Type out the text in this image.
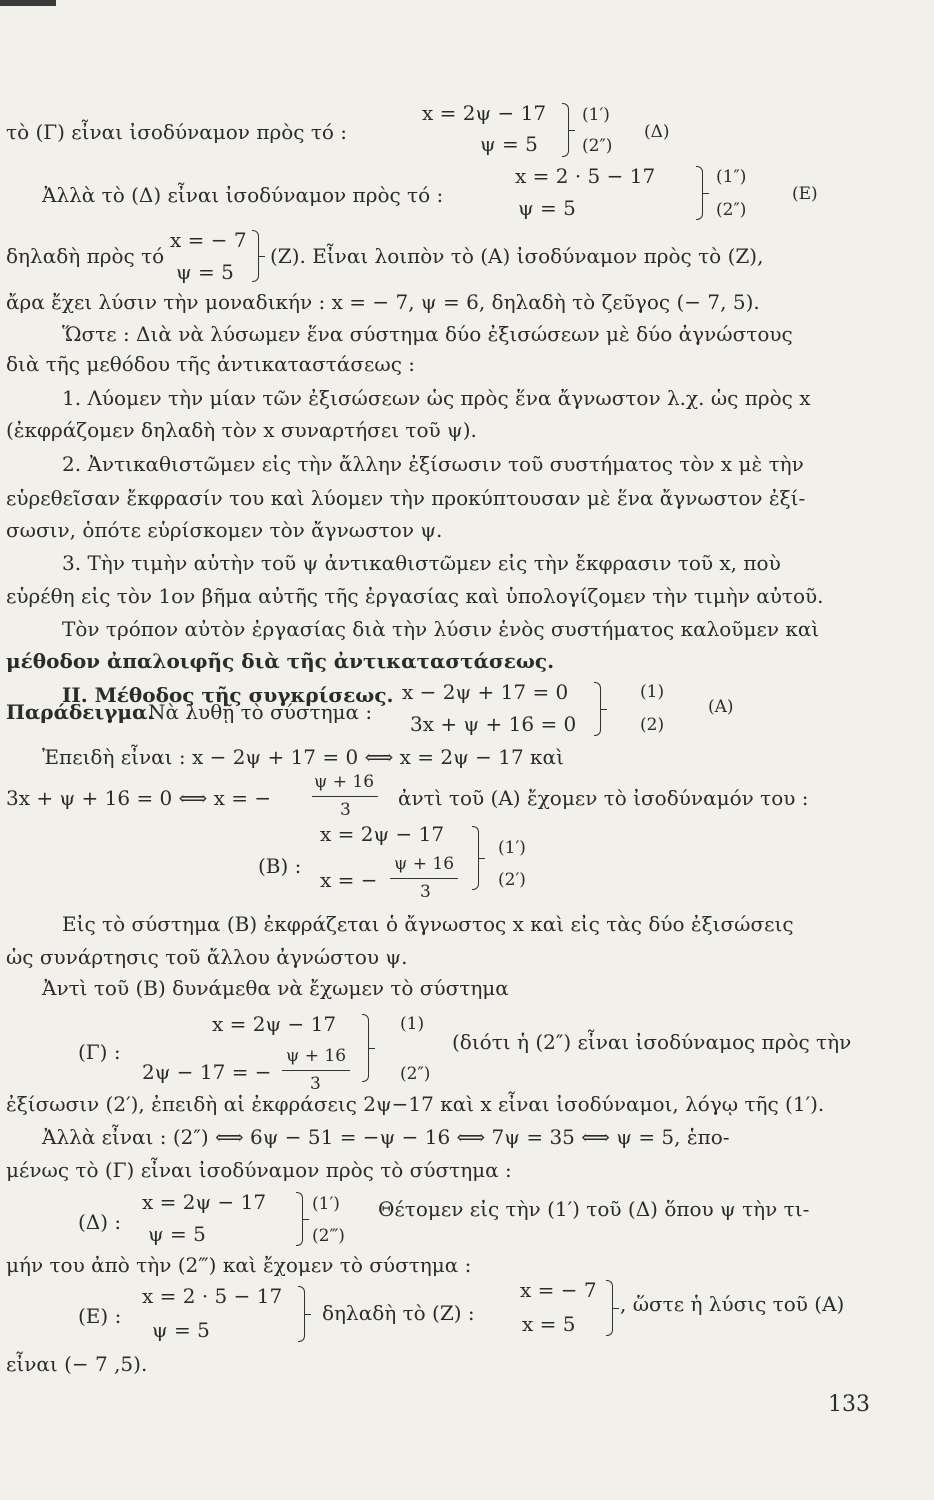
τὸ (Γ) εἶναι ἰσοδύναμον πρὸς τό :
x = 2ψ − 17
ψ = 5
(1′)
(2″)
(Δ)
Ἀλλὰ τὸ (Δ) εἶναι ἰσοδύναμον πρὸς τό :
x = 2 · 5 − 17
ψ = 5
(1″)
(2″)
(Ε)
δηλαδὴ πρὸς τό
x = − 7
ψ = 5
(Ζ). Εἶναι λοιπὸν τὸ (Α) ἰσοδύναμον πρὸς τὸ (Ζ),
ἄρα ἔχει λύσιν τὴν μοναδικήν : x = − 7, ψ = 6, δηλαδὴ τὸ ζεῦγος (− 7, 5).
Ὥστε : Διὰ νὰ λύσωμεν ἕνα σύστημα δύο ἐξισώσεων μὲ δύο ἀγνώστους
διὰ τῆς μεθόδου τῆς ἀντικαταστάσεως :
1. Λύομεν τὴν μίαν τῶν ἐξισώσεων ὡς πρὸς ἕνα ἄγνωστον λ.χ. ὡς πρὸς x
(ἐκφράζομεν δηλαδὴ τὸν x συναρτήσει τοῦ ψ).
2. Ἀντικαθιστῶμεν εἰς τὴν ἄλλην ἐξίσωσιν τοῦ συστήματος τὸν x μὲ τὴν
εὑρεθεῖσαν ἔκφρασίν του καὶ λύομεν τὴν προκύπτουσαν μὲ ἕνα ἄγνωστον ἐξί-
σωσιν, ὁπότε εὑρίσκομεν τὸν ἄγνωστον ψ.
3. Τὴν τιμὴν αὐτὴν τοῦ ψ ἀντικαθιστῶμεν εἰς τὴν ἔκφρασιν τοῦ x, ποὺ
εὑρέθη εἰς τὸν 1ον βῆμα αὐτῆς τῆς ἐργασίας καὶ ὑπολογίζομεν τὴν τιμὴν αὐτοῦ.
Τὸν τρόπον αὐτὸν ἐργασίας διὰ τὴν λύσιν ἑνὸς συστήματος καλοῦμεν καὶ
μέθοδον ἀπαλοιφῆς διὰ τῆς ἀντικαταστάσεως.
ΙΙ. Μέθοδος τῆς συγκρίσεως.
Παράδειγμα.
Νὰ λυθῇ τὸ σύστημα :
x − 2ψ + 17 = 0
3x + ψ + 16 = 0
(1)
(2)
(Α)
Ἐπειδὴ εἶναι : x − 2ψ + 17 = 0 ⟺ x = 2ψ − 17 καὶ
3x + ψ + 16 = 0 ⟺ x = −
ψ + 16
3 ἀντὶ τοῦ (Α) ἔχομεν τὸ ἰσοδύναμόν του :
x = 2ψ − 17
(Β) :
x = −
ψ + 16
3
(1′)
(2′)
Εἰς τὸ σύστημα (Β) ἐκφράζεται ὁ ἄγνωστος x καὶ εἰς τὰς δύο ἐξισώσεις
ὡς συνάρτησις τοῦ ἄλλου ἀγνώστου ψ.
Ἀντὶ τοῦ (Β) δυνάμεθα νὰ ἔχωμεν τὸ σύστημα
x = 2ψ − 17	(1)
(Γ) :
2ψ − 17 = −
ψ + 16
3	(2″)
(διότι ἡ (2″) εἶναι ἰσοδύναμος πρὸς τὴν
ἐξίσωσιν (2′), ἐπειδὴ αἱ ἐκφράσεις 2ψ−17 καὶ x εἶναι ἰσοδύναμοι, λόγῳ τῆς (1′).
Ἀλλὰ εἶναι : (2″) ⟺ 6ψ − 51 = −ψ − 16 ⟺ 7ψ = 35 ⟺ ψ = 5, ἑπο-
μένως τὸ (Γ) εἶναι ἰσοδύναμον πρὸς τὸ σύστημα :
(Δ) :
x = 2ψ − 17
ψ = 5
(1′)
(2‴)
Θέτομεν εἰς τὴν (1′) τοῦ (Δ) ὅπου ψ τὴν τι-
μήν του ἀπὸ τὴν (2‴) καὶ ἔχομεν τὸ σύστημα :
(Ε) :
x = 2 · 5 − 17
ψ = 5
δηλαδὴ τὸ (Ζ) :
x = − 7
x = 5
, ὥστε ἡ λύσις τοῦ (Α)
εἶναι (− 7 ,5).
133
